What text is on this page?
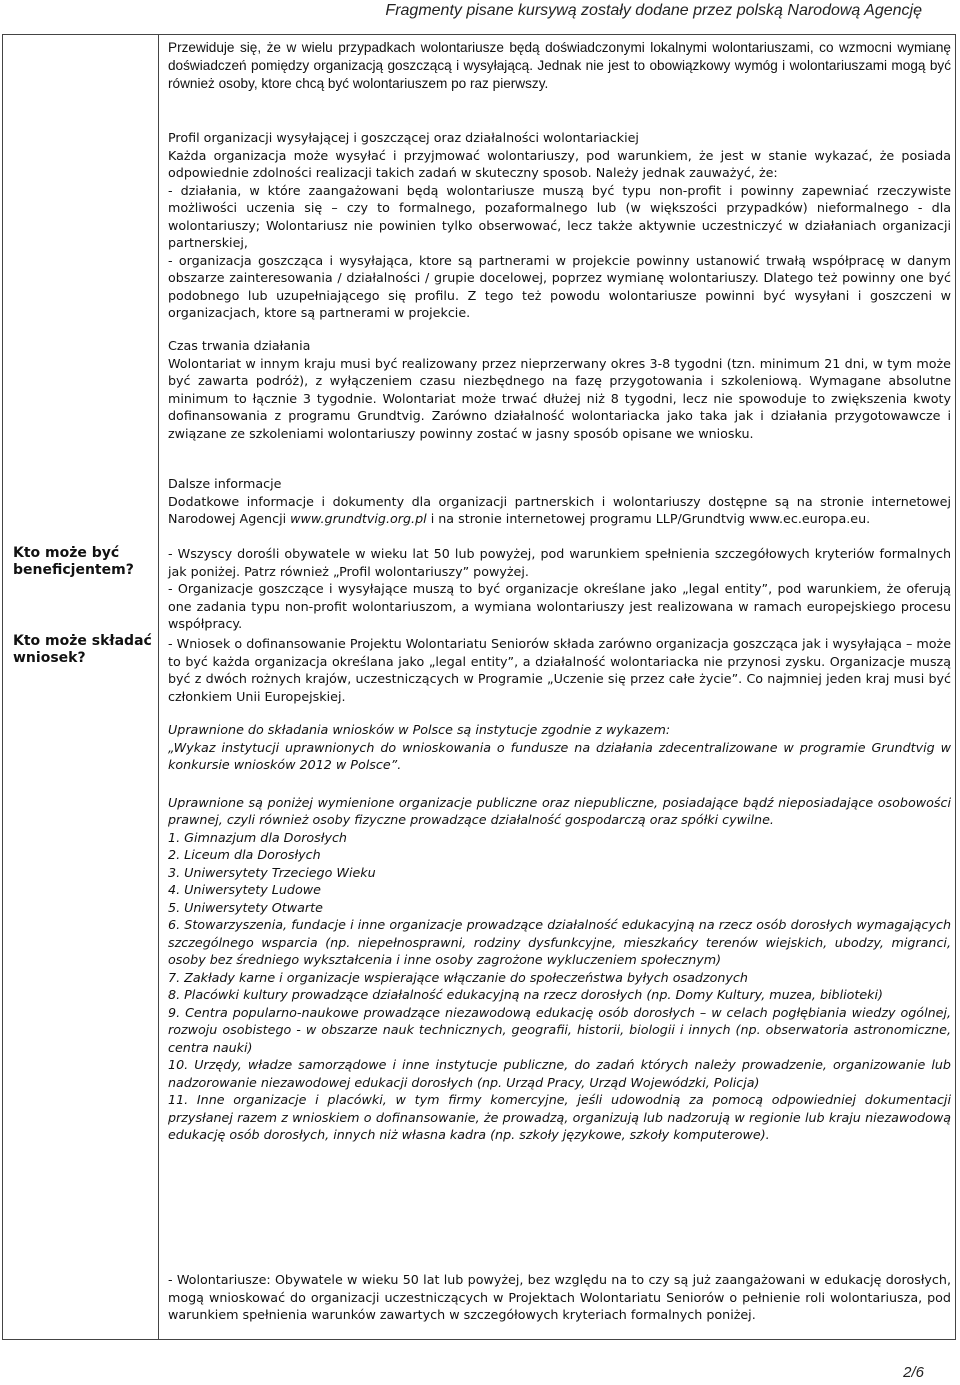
Fragmenty pisane kursywą zostały dodane przez polską Narodową Agencję
Kto może być beneficjentem?
Kto może składać wniosek?

Przewiduje się, że w wielu przypadkach wolontariusze będą doświadczonymi lokalnymi wolontariuszami, co wzmocni wymianę doświadczeń pomiędzy organizacją goszczącą i wysyłającą. Jednak nie jest to obowiązkowy wymóg i wolontariuszami mogą być również osoby, ktore chcą być wolontariuszem po raz pierwszy.

Profil organizacji wysyłającej i goszczącej oraz działalności wolontariackiej

Każda organizacja może wysyłać i przyjmować wolontariuszy, pod warunkiem, że jest w stanie wykazać, że posiada odpowiednie zdolności realizacji takich zadań w skuteczny sposob. Należy jednak zauważyć, że:

- działania, w które zaangażowani będą wolontariusze muszą być typu non-profit i powinny zapewniać rzeczywiste możliwości uczenia się – czy to formalnego, pozaformalnego lub (w większości przypadków) nieformalnego - dla wolontariuszy; Wolontariusz nie powinien tylko obserwować, lecz także aktywnie uczestniczyć w działaniach organizacji partnerskiej,

- organizacja goszcząca i wysyłająca, ktore są partnerami w projekcie powinny ustanowić trwałą współpracę w danym obszarze zainteresowania / działalności / grupie docelowej, poprzez wymianę wolontariuszy. Dlatego też powinny one być podobnego lub uzupełniającego się profilu. Z tego też powodu wolontariusze powinni być wysyłani i goszczeni w organizacjach, ktore są partnerami w projekcie.

Czas trwania działania

Wolontariat w innym kraju musi być realizowany przez nieprzerwany okres 3-8 tygodni (tzn. minimum 21 dni, w tym może być zawarta podróż), z wyłączeniem czasu niezbędnego na fazę przygotowania i szkoleniową. Wymagane absolutne minimum to łącznie 3 tygodnie. Wolontariat może trwać dłużej niż 8 tygodni, lecz nie spowoduje to zwiększenia kwoty dofinansowania z programu Grundtvig. Zarówno działalność wolontariacka jako taka jak i działania przygotowawcze i związane ze szkoleniami wolontariuszy powinny zostać w jasny sposób opisane we wniosku.

Dalsze informacje

Dodatkowe informacje i dokumenty dla organizacji partnerskich i wolontariuszy dostępne są na stronie internetowej Narodowej Agencji www.grundtvig.org.pl i na stronie internetowej programu LLP/Grundtvig www.ec.europa.eu.

- Wszyscy dorośli obywatele w wieku lat 50 lub powyżej, pod warunkiem spełnienia szczegółowych kryteriów formalnych jak poniżej. Patrz również „Profil wolontariuszy” powyżej.

- Organizacje goszczące i wysyłające muszą to być organizacje określane jako „legal entity”, pod warunkiem, że oferują one zadania typu non-profit wolontariuszom, a wymiana wolontariuszy jest realizowana w ramach europejskiego procesu współpracy.

- Wniosek o dofinansowanie Projektu Wolontariatu Seniorów składa zarówno organizacja goszcząca jak i wysyłająca – może to być każda organizacja określana jako „legal entity”, a działalność wolontariacka nie przynosi zysku. Organizacje muszą być z dwóch rożnych krajów, uczestniczących w Programie „Uczenie się przez całe życie”. Co najmniej jeden kraj musi być członkiem Unii Europejskiej.

Uprawnione do składania wniosków w Polsce są instytucje zgodnie z wykazem:

„Wykaz instytucji uprawnionych do wnioskowania o fundusze na działania zdecentralizowane w programie Grundtvig w konkursie wniosków 2012 w Polsce”.

Uprawnione są poniżej wymienione organizacje publiczne oraz niepubliczne, posiadające bądź nieposiadające osobowości prawnej, czyli również osoby fizyczne prowadzące działalność gospodarczą oraz spółki cywilne.

1. Gimnazjum dla Dorosłych

2. Liceum dla Dorosłych

3. Uniwersytety Trzeciego Wieku

4. Uniwersytety Ludowe

5. Uniwersytety Otwarte

6. Stowarzyszenia, fundacje i inne organizacje prowadzące działalność edukacyjną na rzecz osób dorosłych wymagających szczególnego wsparcia (np. niepełnosprawni, rodziny dysfunkcyjne, mieszkańcy terenów wiejskich, ubodzy, migranci, osoby bez średniego wykształcenia i inne osoby zagrożone wykluczeniem społecznym)

7. Zakłady karne i organizacje wspierające włączanie do społeczeństwa byłych osadzonych

8. Placówki kultury prowadzące działalność edukacyjną na rzecz dorosłych (np. Domy Kultury, muzea, biblioteki)

9. Centra popularno-naukowe prowadzące niezawodową edukację osób dorosłych – w celach pogłębiania wiedzy ogólnej, rozwoju osobistego - w obszarze nauk technicznych, geografii, historii, biologii i innych (np. obserwatoria astronomiczne, centra nauki)

10. Urzędy, władze samorządowe i inne instytucje publiczne, do zadań których należy prowadzenie, organizowanie lub nadzorowanie niezawodowej edukacji dorosłych (np. Urząd Pracy, Urząd Wojewódzki, Policja)

11. Inne organizacje i placówki, w tym firmy komercyjne, jeśli udowodnią za pomocą odpowiedniej dokumentacji przysłanej razem z wnioskiem o dofinansowanie, że prowadzą, organizują lub nadzorują w regionie lub kraju niezawodową edukację osób dorosłych, innych niż własna kadra (np. szkoły językowe, szkoły komputerowe).

- Wolontariusze: Obywatele w wieku 50 lat lub powyżej, bez względu na to czy są już zaangażowani w edukację dorosłych, mogą wnioskować do organizacji uczestniczących w Projektach Wolontariatu Seniorów o pełnienie roli wolontariusza, pod warunkiem spełnienia warunków zawartych w szczegółowych kryteriach formalnych poniżej.

2/6
